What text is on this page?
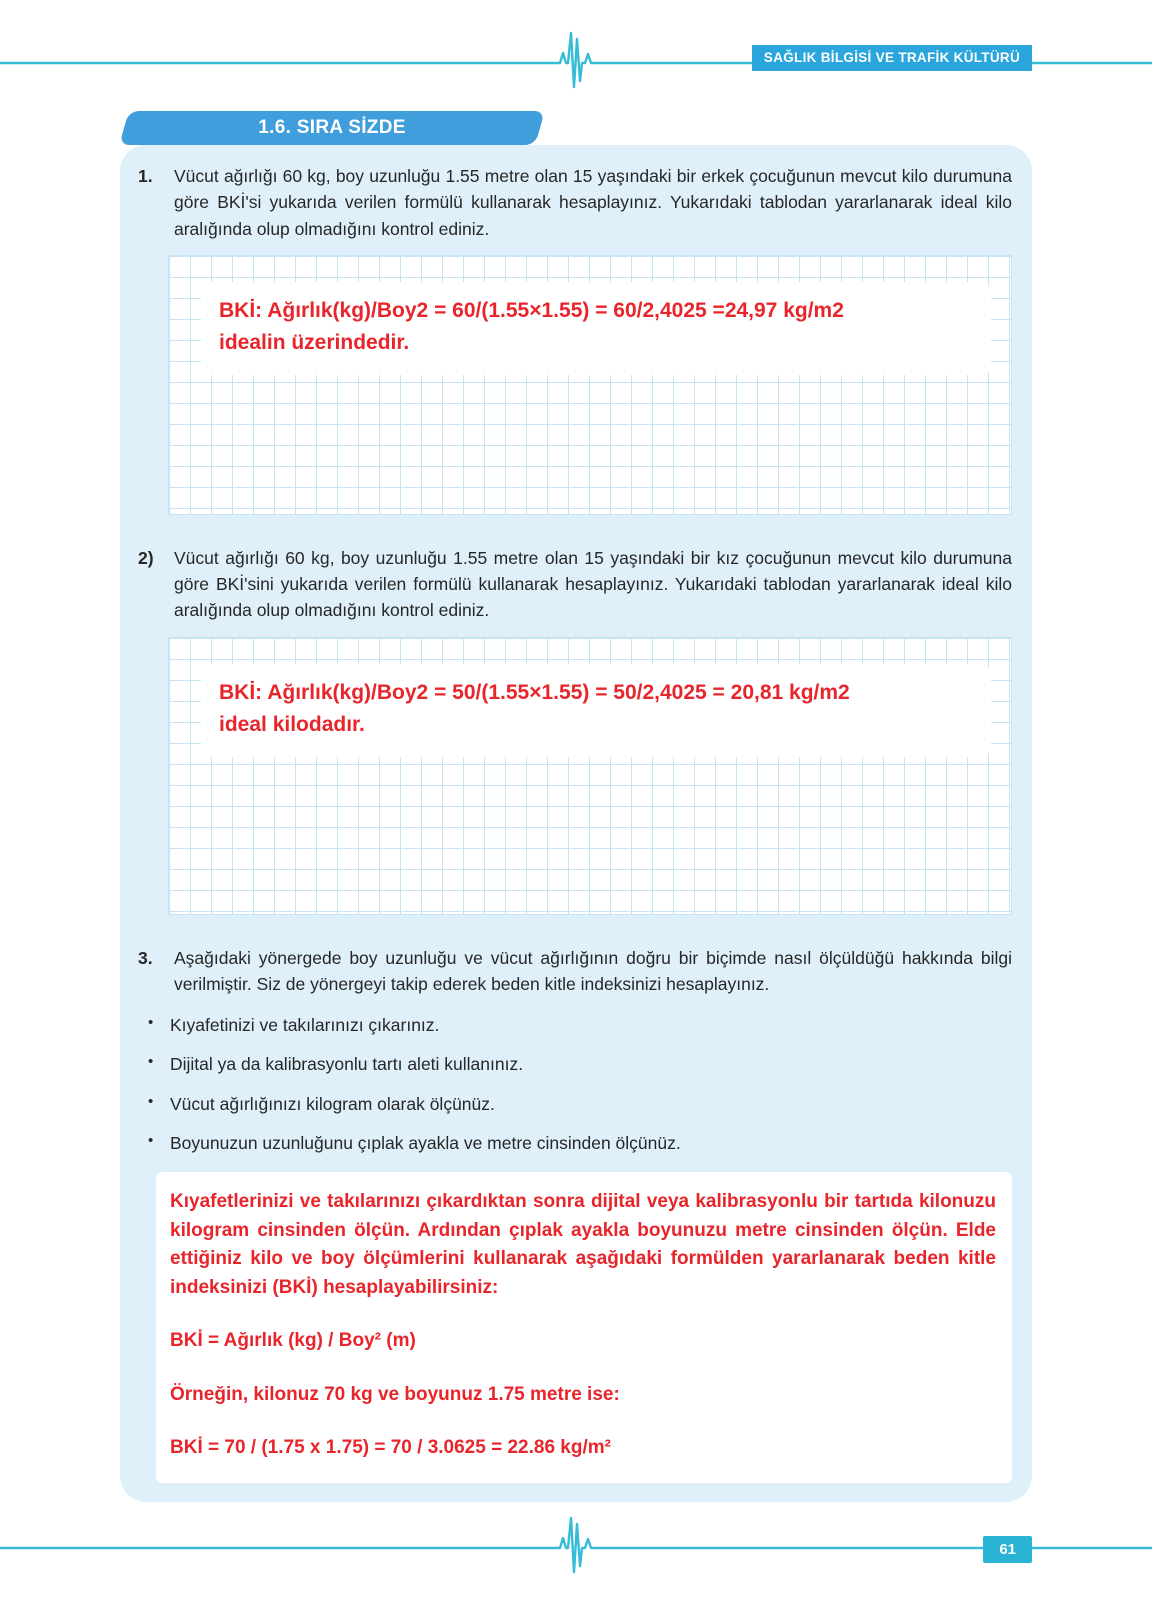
SAĞLIK BİLGİSİ VE TRAFİK KÜLTÜRÜ
1.6. SIRA SİZDE
1.	Vücut ağırlığı 60 kg, boy uzunluğu 1.55 metre olan 15 yaşındaki bir erkek çocuğunun mevcut kilo durumuna göre BKİ'si yukarıda verilen formülü kullanarak hesaplayınız. Yukarıdaki tablodan yararlanarak ideal kilo aralığında olup olmadığını kontrol ediniz.
BKİ: Ağırlık(kg)/Boy2 = 60/(1.55×1.55) = 60/2,4025 =24,97 kg/m2
idealin üzerindedir.
2)	Vücut ağırlığı 60 kg, boy uzunluğu 1.55 metre olan 15 yaşındaki bir kız çocuğunun mevcut kilo durumuna göre BKİ'sini yukarıda verilen formülü kullanarak hesaplayınız. Yukarıdaki tablodan yararlanarak ideal kilo aralığında olup olmadığını kontrol ediniz.
BKİ: Ağırlık(kg)/Boy2 = 50/(1.55×1.55) = 50/2,4025 = 20,81 kg/m2
ideal kilodadır.
3.	Aşağıdaki yönergede boy uzunluğu ve vücut ağırlığının doğru bir biçimde nasıl ölçüldüğü hakkında bilgi verilmiştir. Siz de yönergeyi takip ederek beden kitle indeksinizi hesaplayınız.
• Kıyafetinizi ve takılarınızı çıkarınız.
• Dijital ya da kalibrasyonlu tartı aleti kullanınız.
• Vücut ağırlığınızı kilogram olarak ölçünüz.
• Boyunuzun uzunluğunu çıplak ayakla ve metre cinsinden ölçünüz.
Kıyafetlerinizi ve takılarınızı çıkardıktan sonra dijital veya kalibrasyonlu bir tartıda kilonuzu kilogram cinsinden ölçün. Ardından çıplak ayakla boyunuzu metre cinsinden ölçün. Elde ettiğiniz kilo ve boy ölçümlerini kullanarak aşağıdaki formülden yararlanarak beden kitle indeksinizi (BKİ) hesaplayabilirsiniz:
BKİ = Ağırlık (kg) / Boy² (m)
Örneğin, kilonuz 70 kg ve boyunuz 1.75 metre ise:
BKİ = 70 / (1.75 x 1.75) = 70 / 3.0625 = 22.86 kg/m²
61
